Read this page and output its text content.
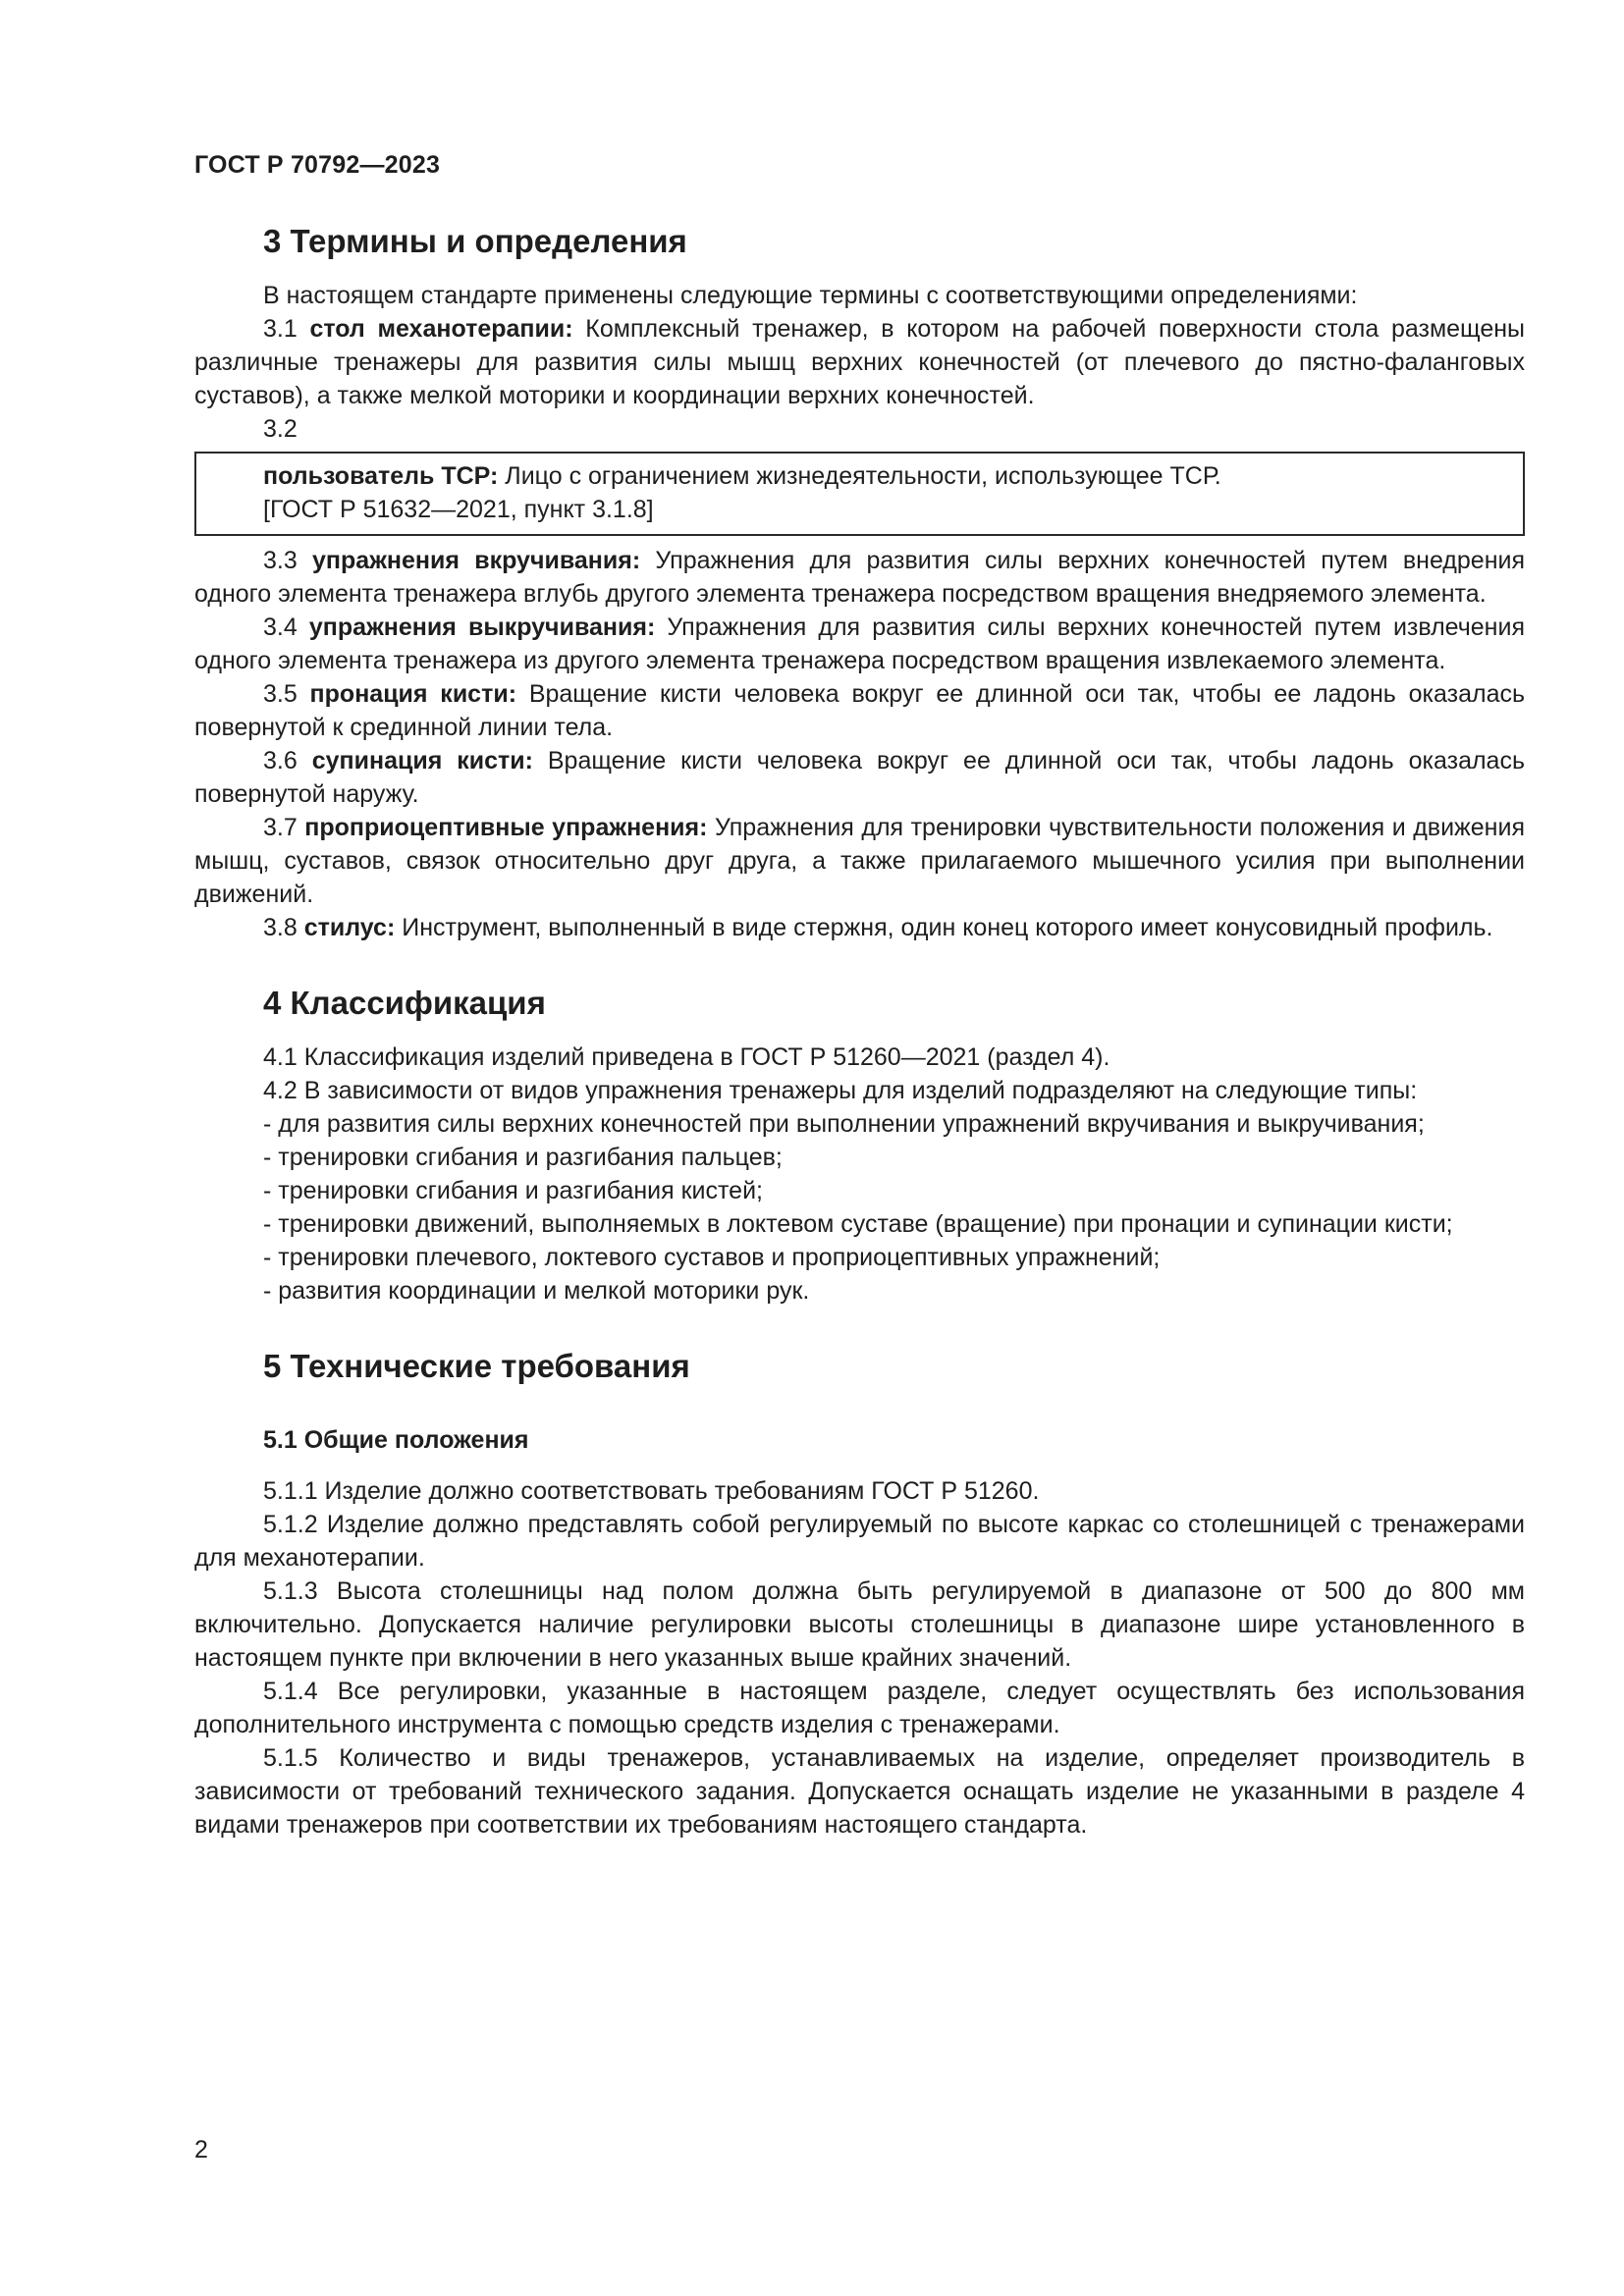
ГОСТ Р 70792—2023
3 Термины и определения

В настоящем стандарте применены следующие термины с соответствующими определениями:

3.1 стол механотерапии: Комплексный тренажер, в котором на рабочей поверхности стола размещены различные тренажеры для развития силы мышц верхних конечностей (от плечевого до пястно-фаланговых суставов), а также мелкой моторики и координации верхних конечностей.

3.2

пользователь ТСР: Лицо с ограничением жизнедеятельности, использующее ТСР.

[ГОСТ Р 51632—2021, пункт 3.1.8]

3.3 упражнения вкручивания: Упражнения для развития силы верхних конечностей путем внедрения одного элемента тренажера вглубь другого элемента тренажера посредством вращения внедряемого элемента.

3.4 упражнения выкручивания: Упражнения для развития силы верхних конечностей путем извлечения одного элемента тренажера из другого элемента тренажера посредством вращения извлекаемого элемента.

3.5 пронация кисти: Вращение кисти человека вокруг ее длинной оси так, чтобы ее ладонь оказалась повернутой к срединной линии тела.

3.6 супинация кисти: Вращение кисти человека вокруг ее длинной оси так, чтобы ладонь оказалась повернутой наружу.

3.7 проприоцептивные упражнения: Упражнения для тренировки чувствительности положения и движения мышц, суставов, связок относительно друг друга, а также прилагаемого мышечного усилия при выполнении движений.

3.8 стилус: Инструмент, выполненный в виде стержня, один конец которого имеет конусовидный профиль.

4 Классификация

4.1 Классификация изделий приведена в ГОСТ Р 51260—2021 (раздел 4).

4.2 В зависимости от видов упражнения тренажеры для изделий подразделяют на следующие типы:

- для развития силы верхних конечностей при выполнении упражнений вкручивания и выкручивания;

- тренировки сгибания и разгибания пальцев;

- тренировки сгибания и разгибания кистей;

- тренировки движений, выполняемых в локтевом суставе (вращение) при пронации и супинации кисти;

- тренировки плечевого, локтевого суставов и проприоцептивных упражнений;

- развития координации и мелкой моторики рук.

5 Технические требования
5.1 Общие положения

5.1.1 Изделие должно соответствовать требованиям ГОСТ Р 51260.

5.1.2 Изделие должно представлять собой регулируемый по высоте каркас со столешницей с тренажерами для механотерапии.

5.1.3 Высота столешницы над полом должна быть регулируемой в диапазоне от 500 до 800 мм включительно. Допускается наличие регулировки высоты столешницы в диапазоне шире установленного в настоящем пункте при включении в него указанных выше крайних значений.

5.1.4 Все регулировки, указанные в настоящем разделе, следует осуществлять без использования дополнительного инструмента с помощью средств изделия с тренажерами.

5.1.5 Количество и виды тренажеров, устанавливаемых на изделие, определяет производитель в зависимости от требований технического задания. Допускается оснащать изделие не указанными в разделе 4 видами тренажеров при соответствии их требованиям настоящего стандарта.

2
